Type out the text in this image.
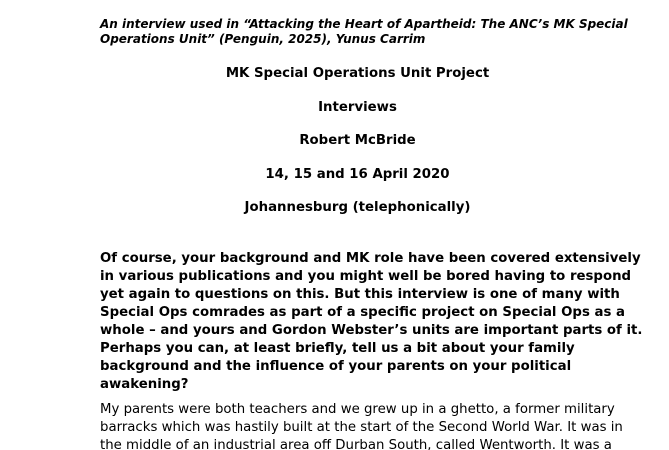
An interview used in “Attacking the Heart of Apartheid: The ANC’s MK Special
Operations Unit” (Penguin, 2025), Yunus Carrim

MK Special Operations Unit Project

Interviews

Robert McBride

14, 15 and 16 April 2020

Johannesburg (telephonically)

Of course, your background and MK role have been covered extensively
in various publications and you might well be bored having to respond
yet again to questions on this. But this interview is one of many with
Special Ops comrades as part of a specific project on Special Ops as a
whole – and yours and Gordon Webster’s units are important parts of it.
Perhaps you can, at least briefly, tell us a bit about your family
background and the influence of your parents on your political
awakening?

My parents were both teachers and we grew up in a ghetto, a former military
barracks which was hastily built at the start of the Second World War. It was in
the middle of an industrial area off Durban South, called Wentworth. It was a
